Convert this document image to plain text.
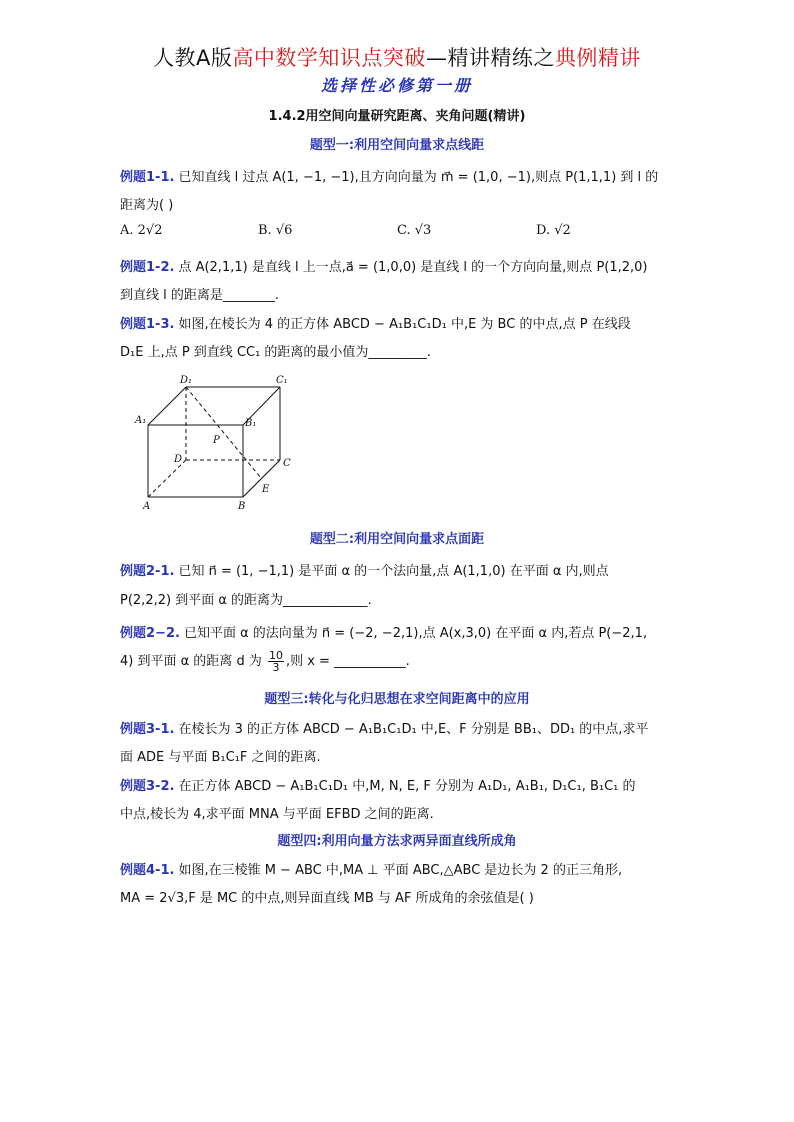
人教A版高中数学知识点突破—精讲精练之典例精讲
选择性必修第一册
1.4.2用空间向量研究距离、夹角问题(精讲)
题型一:利用空间向量求点线距
例题1-1. 已知直线 l 过点 A(1, −1, −1),且方向向量为 m⃗ = (1,0, −1),则点 P(1,1,1) 到 l 的
距离为( )
A. 2√2	B. √6	C. √3	D. √2
例题1-2. 点 A(2,1,1) 是直线 l 上一点,a⃗ = (1,0,0) 是直线 l 的一个方向向量,则点 P(1,2,0)
到直线 l 的距离是________.
例题1-3. 如图,在棱长为 4 的正方体 ABCD − A₁B₁C₁D₁ 中,E 为 BC 的中点,点 P 在线段
D₁E 上,点 P 到直线 CC₁ 的距离的最小值为_________.
D₁	C₁
A₁	B₁
P
D	C
E
A	B
题型二:利用空间向量求点面距
例题2-1. 已知 n⃗ = (1, −1,1) 是平面 α 的一个法向量,点 A(1,1,0) 在平面 α 内,则点
P(2,2,2) 到平面 α 的距离为_____________.
例题2−2. 已知平面 α 的法向量为 n⃗ = (−2, −2,1),点 A(x,3,0) 在平面 α 内,若点 P(−2,1,
4) 到平面 α 的距离 d 为 $\frac{10}{3}$ ,则 x = ___________.
题型三:转化与化归思想在求空间距离中的应用
例题3-1. 在棱长为 3 的正方体 ABCD − A₁B₁C₁D₁ 中,E、F 分别是 BB₁、DD₁ 的中点,求平
面 ADE 与平面 B₁C₁F 之间的距离.
例题3-2. 在正方体 ABCD − A₁B₁C₁D₁ 中,M, N, E, F 分别为 A₁D₁, A₁B₁, D₁C₁, B₁C₁ 的
中点,棱长为 4,求平面 MNA 与平面 EFBD 之间的距离.
题型四:利用向量方法求两异面直线所成角
例题4-1. 如图,在三棱锥 M − ABC 中,MA ⊥ 平面 ABC,△ABC 是边长为 2 的正三角形,
MA = 2√3,F 是 MC 的中点,则异面直线 MB 与 AF 所成角的余弦值是( )
